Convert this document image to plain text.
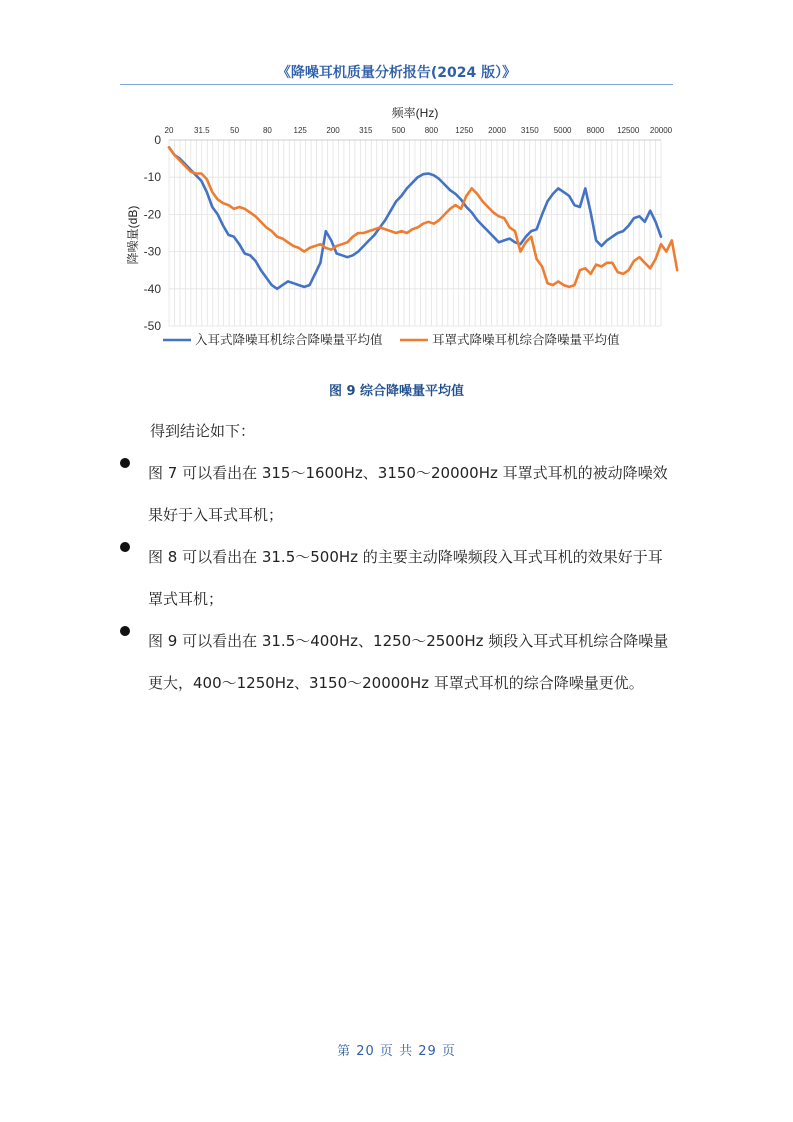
《降噪耳机质量分析报告(2024 版）》
频率(Hz)
降噪量(dB)
20	31.5	50	80	125 200 315 500 800 1250 2000 3150 5000 8000 12500 20000
0
-10
-20
-30
-40
-50
入耳式降噪耳机综合降噪量平均值	耳罩式降噪耳机综合降噪量平均值
图 9 综合降噪量平均值
得到结论如下：
图 7 可以看出在 315～1600Hz、3150～20000Hz 耳罩式耳机的被动降噪效果好于入耳式耳机；
图 8 可以看出在 31.5～500Hz 的主要主动降噪频段入耳式耳机的效果好于耳罩式耳机；
图 9 可以看出在 31.5～400Hz、1250～2500Hz 频段入耳式耳机综合降噪量更大，400～1250Hz、3150～20000Hz 耳罩式耳机的综合降噪量更优。
第 20 页 共 29 页
